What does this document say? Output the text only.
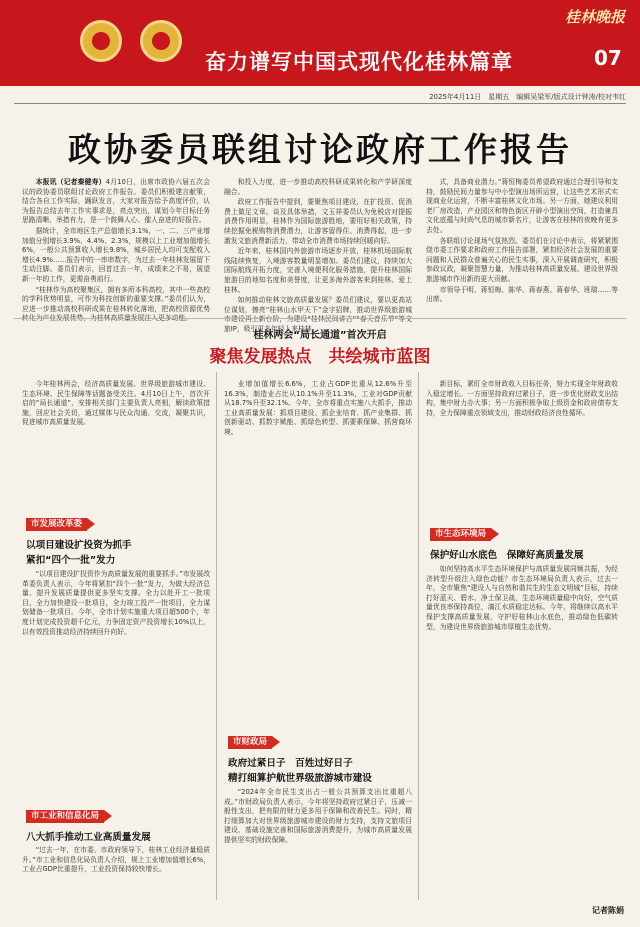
奋力谱写中国式现代化桂林篇章	07
桂林晚报
2025年4月11日　星期五　编辑吴梁军/版式设计钟涛/校对韦红
政协委员联组讨论政府工作报告

本报讯（记者秦健寿）4月10日，出席市政协六届五次会议的政协委员联组讨论政府工作报告。委员们积极建言献策，结合各自工作实际，踊跃发言，大家对报告给予高度评价，认为报告总结去年工作实事求是，亮点突出，谋划今年目标任务思路清晰、举措有力，是一个鼓舞人心、催人奋进的好报告。

据统计，全市地区生产总值增长3.1%，一、二、三产业增加值分别增长3.9%、4.4%、2.3%，规模以上工业增加值增长6%，一般公共预算收入增长9.8%，城乡居民人均可支配收入增长4.9%……报告中的一串串数字，为过去一年桂林发展留下生动注脚。委员们表示，回首过去一年，成绩来之不易，展望新一年的工作，更需奋勇前行。

“桂林作为高校聚集区，拥有多所本科高校，其中一些高校的学科优势明显，可作为科技创新的重要支撑。”委员们认为，应进一步推动高校科研成果在桂林转化落地，把高校资源优势转化为产业发展优势，为桂林高质量发展注入更多动能。

和投入力度，进一步推动高校科研成果转化和产学研深度融合。

政府工作报告中提到，要聚焦项目建设，在扩投资、促消费上做足文章。谈及具体举措，文玉祥委员认为免税店对提振消费作用明显，桂林作为国际旅游胜地，要用好相关政策，持续挖掘免税购物消费潜力，让游客留得住、消费得起，进一步激发文旅消费新活力，带动全市消费市场持续回暖向好。

近年来，桂林国内外旅游市场逐步开放，桂林机场国际航线陆续恢复，入境游客数量明显增加。委员们建议，持续加大国际航线开拓力度，完善入境便利化服务措施，提升桂林国际旅游目的地知名度和美誉度，让更多海外游客来到桂林、爱上桂林。

如何推动桂林文旅高质量发展？委员们建议，要以更高站位谋划，擦亮“桂林山水甲天下”金字招牌，推动世界级旅游城市建设再上新台阶，为建设“桂林民间讲古”“春天音乐节”等文旅IP，吸引更多年轻人来桂林。

式，具备商业潜力。”蒋恒梅委员希望政府通过合理引导和支持，鼓励民间力量参与中小型演出场所运营，让这些艺术形式实现商业化运营，不断丰富桂林文化市场。另一方面，她建议利用老厂房改造，产业园区和特色街区开辟小型演出空间，打造兼具文化底蕴与时尚气息的城市新名片，让游客在桂林的夜晚有更多去处。

各联组讨论现场气氛热烈。委员们在讨论中表示，将紧紧围绕市委工作要求和政府工作报告部署，紧扣经济社会发展的重要问题和人民群众普遍关心的民生实事，深入开展调查研究，积极参政议政，凝聚智慧力量，为推动桂林高质量发展、建设世界级旅游城市作出新的更大贡献。

市领导于明、蒋恒梅、陈华、蒋春燕、蒋春华、班瑞……等出席。

桂林两会“局长通道”首次开启
聚焦发展热点　共绘城市蓝图

今年桂林两会，经济高质量发展、世界级旅游城市建设、生态环境、民生保障等话题备受关注。4月10日上午，首次开启的“局长通道”，安排相关部门主要负责人亮相，解读政策措施，回应社会关切，通过媒体与民众沟通、交流，凝聚共识，促进城市高质量发展。

市发展改革委
以项目建设扩投资为抓手
紧扣“四个一批”发力

“以项目建设扩投资作为高质量发展的重要抓手。”市发展改革委负责人表示，今年将紧扣“四个一批”发力，为做大经济总量、提升发展质量提供更多坚实支撑。全力以赴开工一批项目，全力加快建设一批项目，全力竣工投产一批项目，全力谋划储备一批项目。今年，全市计划实施重大项目超500个，年度计划完成投资超千亿元，力争固定资产投资增长10%以上，以有效投资推动经济持续回升向好。

市工业和信息化局
八大抓手推动工业高质量发展

“过去一年，在市委、市政府领导下，桂林工业经济量稳质升。”市工业和信息化局负责人介绍，规上工业增加值增长6%，工业占GDP比重提升，工业投资保持较快增长。

业增加值增长6.6%，工业占GDP比重从12.6%升至16.3%，制造业占比从10.1%升至11.3%，工业对GDP贡献从18.7%升至32.1%。今年，全市将重点实施八大抓手，推动工业高质量发展：抓项目建设、抓企业培育、抓产业集群、抓创新驱动、抓数字赋能、抓绿色转型、抓要素保障、抓营商环境。

市财政局
政府过紧日子　百姓过好日子
精打细算护航世界级旅游城市建设

“2024年全市民生支出占一般公共预算支出比重超八成。”市财政局负责人表示，今年将坚持政府过紧日子，压减一般性支出，把有限的财力更多用于保障和改善民生。同时，精打细算加大对世界级旅游城市建设的财力支持，支持文旅项目建设、基础设施完善和国际旅游消费提升，为城市高质量发展提供坚实的财政保障。

新目标，紧盯全市财政收入目标任务，努力实现全年财政收入稳定增长。一方面坚持政府过紧日子，进一步优化财政支出结构，集中财力办大事；另一方面积极争取上级资金和政府债券支持，全力保障重点领域支出，推动财政经济良性循环。

市生态环境局
保护好山水底色　保障好高质量发展

如何坚持高水平生态环境保护与高质量发展同频共振，为经济转型升级注入绿色动能？市生态环境局负责人表示，过去一年，全市聚焦“建设人与自然和谐共生的生态文明城”目标，持续打好蓝天、碧水、净土保卫战，生态环境质量稳中向好，空气质量优良率保持高位，漓江水质稳定达标。今年，将继续以高水平保护支撑高质量发展，守护好桂林山水底色，推动绿色低碳转型，为建设世界级旅游城市厚植生态优势。

记者陈娟
